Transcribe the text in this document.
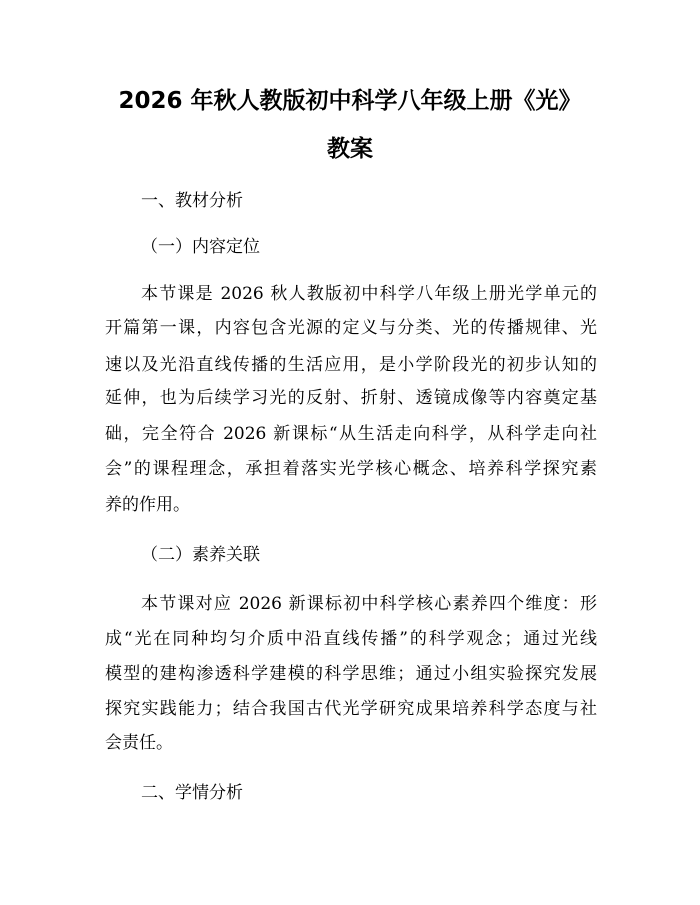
2026 年秋人教版初中科学八年级上册《光》
教案
一、教材分析
（一）内容定位
本节课是 2026 秋人教版初中科学八年级上册光学单元的
开篇第一课，内容包含光源的定义与分类、光的传播规律、光
速以及光沿直线传播的生活应用，是小学阶段光的初步认知的
延伸，也为后续学习光的反射、折射、透镜成像等内容奠定基
础，完全符合 2026 新课标“从生活走向科学，从科学走向社
会”的课程理念，承担着落实光学核心概念、培养科学探究素
养的作用。
（二）素养关联
本节课对应 2026 新课标初中科学核心素养四个维度：形
成“光在同种均匀介质中沿直线传播”的科学观念；通过光线
模型的建构渗透科学建模的科学思维；通过小组实验探究发展
探究实践能力；结合我国古代光学研究成果培养科学态度与社
会责任。
二、学情分析
